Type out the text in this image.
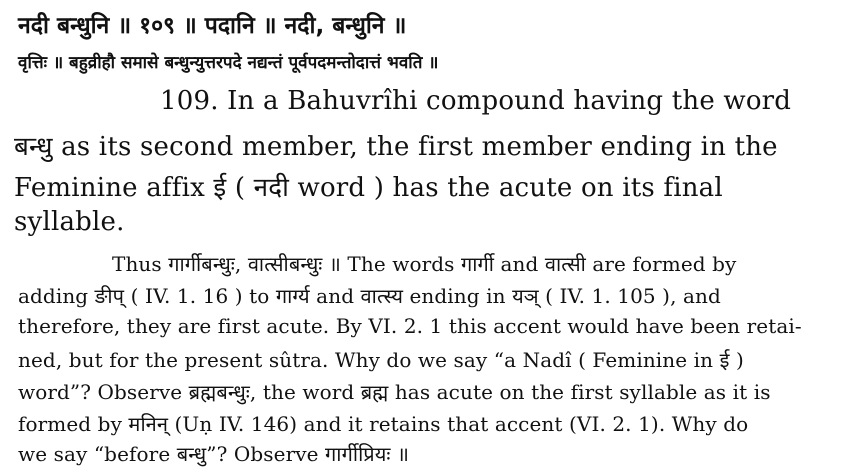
नदी बन्धुनि ॥ १०९ ॥ पदानि ॥ नदी, बन्धुनि ॥
वृत्तिः ॥ बहुव्रीहौ समासे बन्धुन्युत्तरपदे नद्यन्तं पूर्वपदमन्तोदात्तं भवति ॥
109. In a Bahuvrîhi compound having the word
बन्धु as its second member, the first member ending in the
Feminine affix ई ( नदी word ) has the acute on its final
syllable.
Thus गार्गीबन्धुः, वात्सीबन्धुः ॥ The words गार्गी and वात्सी are formed by
adding ङीप् ( IV. 1. 16 ) to गार्ग्य and वात्स्य ending in यञ् ( IV. 1. 105 ), and
therefore, they are first acute. By VI. 2. 1 this accent would have been retai-
ned, but for the present sûtra. Why do we say “a Nadî ( Feminine in ई )
word”? Observe ब्रह्मबन्धुः, the word ब्रह्म has acute on the first syllable as it is
formed by मनिन् (Uṇ IV. 146) and it retains that accent (VI. 2. 1). Why do
we say “before बन्धु”? Observe गार्गीप्रियः ॥
